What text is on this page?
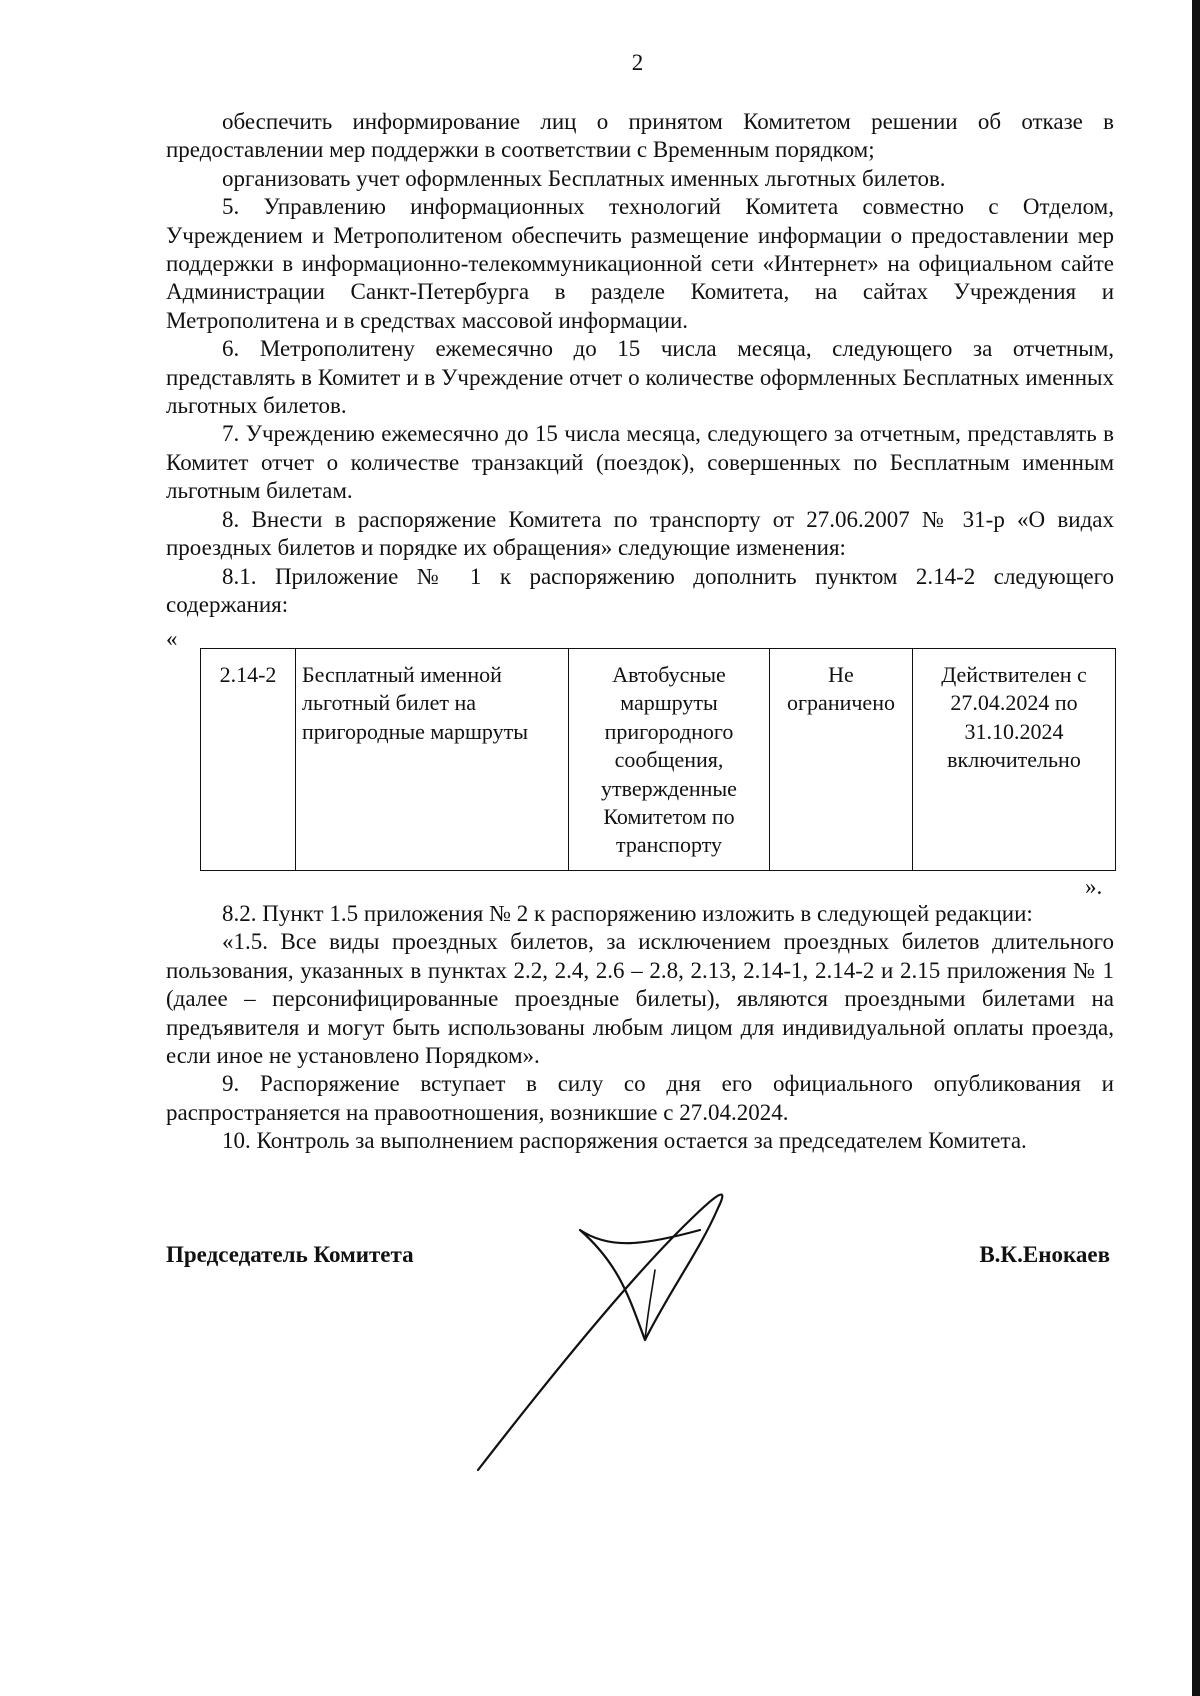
2

обеспечить информирование лиц о принятом Комитетом решении об отказе в предоставлении мер поддержки в соответствии с Временным порядком;

организовать учет оформленных Бесплатных именных льготных билетов.

5. Управлению информационных технологий Комитета совместно с Отделом, Учреждением и Метрополитеном обеспечить размещение информации о предоставлении мер поддержки в информационно-телекоммуникационной сети «Интернет» на официальном сайте Администрации Санкт-Петербурга в разделе Комитета, на сайтах Учреждения и Метрополитена и в средствах массовой информации.

6. Метрополитену ежемесячно до 15 числа месяца, следующего за отчетным, представлять в Комитет и в Учреждение отчет о количестве оформленных Бесплатных именных льготных билетов.

7. Учреждению ежемесячно до 15 числа месяца, следующего за отчетным, представлять в Комитет отчет о количестве транзакций (поездок), совершенных по Бесплатным именным льготным билетам.

8. Внести в распоряжение Комитета по транспорту от 27.06.2007 № 31-р «О видах проездных билетов и порядке их обращения» следующие изменения:

8.1. Приложение № 1 к распоряжению дополнить пунктом 2.14-2 следующего содержания:

«
2.14-2	Бесплатный именной льготный билет на пригородные маршруты	Автобусные маршруты пригородного сообщения, утвержденные Комитетом по транспорту	Не ограничено	Действителен с 27.04.2024 по 31.10.2024 включительно
».

8.2. Пункт 1.5 приложения № 2 к распоряжению изложить в следующей редакции:

«1.5. Все виды проездных билетов, за исключением проездных билетов длительного пользования, указанных в пунктах 2.2, 2.4, 2.6 – 2.8, 2.13, 2.14-1, 2.14-2 и 2.15 приложения № 1 (далее – персонифицированные проездные билеты), являются проездными билетами на предъявителя и могут быть использованы любым лицом для индивидуальной оплаты проезда, если иное не установлено Порядком».

9. Распоряжение вступает в силу со дня его официального опубликования и распространяется на правоотношения, возникшие с 27.04.2024.

10. Контроль за выполнением распоряжения остается за председателем Комитета.

Председатель Комитета	В.К.Енокаев
